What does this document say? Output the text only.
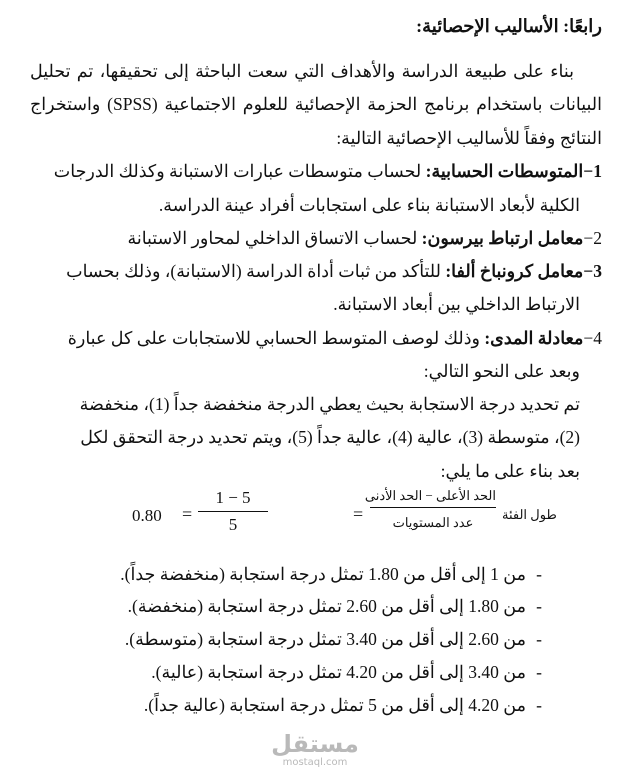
رابعًا: الأساليب الإحصائية:
بناء على طبيعة الدراسة والأهداف التي سعت الباحثة إلى تحقيقها، تم تحليل
البيانات باستخدام برنامج الحزمة الإحصائية للعلوم الاجتماعية (SPSS) واستخراج
النتائج وفقاً للأساليب الإحصائية التالية:
1−المتوسطات الحسابية: لحساب متوسطات عبارات الاستبانة وكذلك الدرجات
الكلية لأبعاد الاستبانة بناء على استجابات أفراد عينة الدراسة.
2−معامل ارتباط بيرسون: لحساب الاتساق الداخلي لمحاور الاستبانة
3−معامل كرونباخ ألفا: للتأكد من ثبات أداة الدراسة (الاستبانة)، وذلك بحساب
الارتباط الداخلي بين أبعاد الاستبانة.
4−معادلة المدى: وذلك لوصف المتوسط الحسابي للاستجابات على كل عبارة
وبعد على النحو التالي:
تم تحديد درجة الاستجابة بحيث يعطي الدرجة منخفضة جداً (1)، منخفضة
(2)، متوسطة (3)، عالية (4)، عالية جداً (5)، ويتم تحديد درجة التحقق لكل
بعد بناء على ما يلي:
0.80 =
1 − 5
5
=
الحد الأعلى − الحد الأدنى
عدد المستويات
طول الفئة
-من 1 إلى أقل من 1.80 تمثل درجة استجابة (منخفضة جداً).
-من 1.80 إلى أقل من 2.60 تمثل درجة استجابة (منخفضة).
-من 2.60 إلى أقل من 3.40 تمثل درجة استجابة (متوسطة).
-من 3.40 إلى أقل من 4.20 تمثل درجة استجابة (عالية).
-من 4.20 إلى أقل من 5 تمثل درجة استجابة (عالية جداً).
مستقل
mostaql.com
